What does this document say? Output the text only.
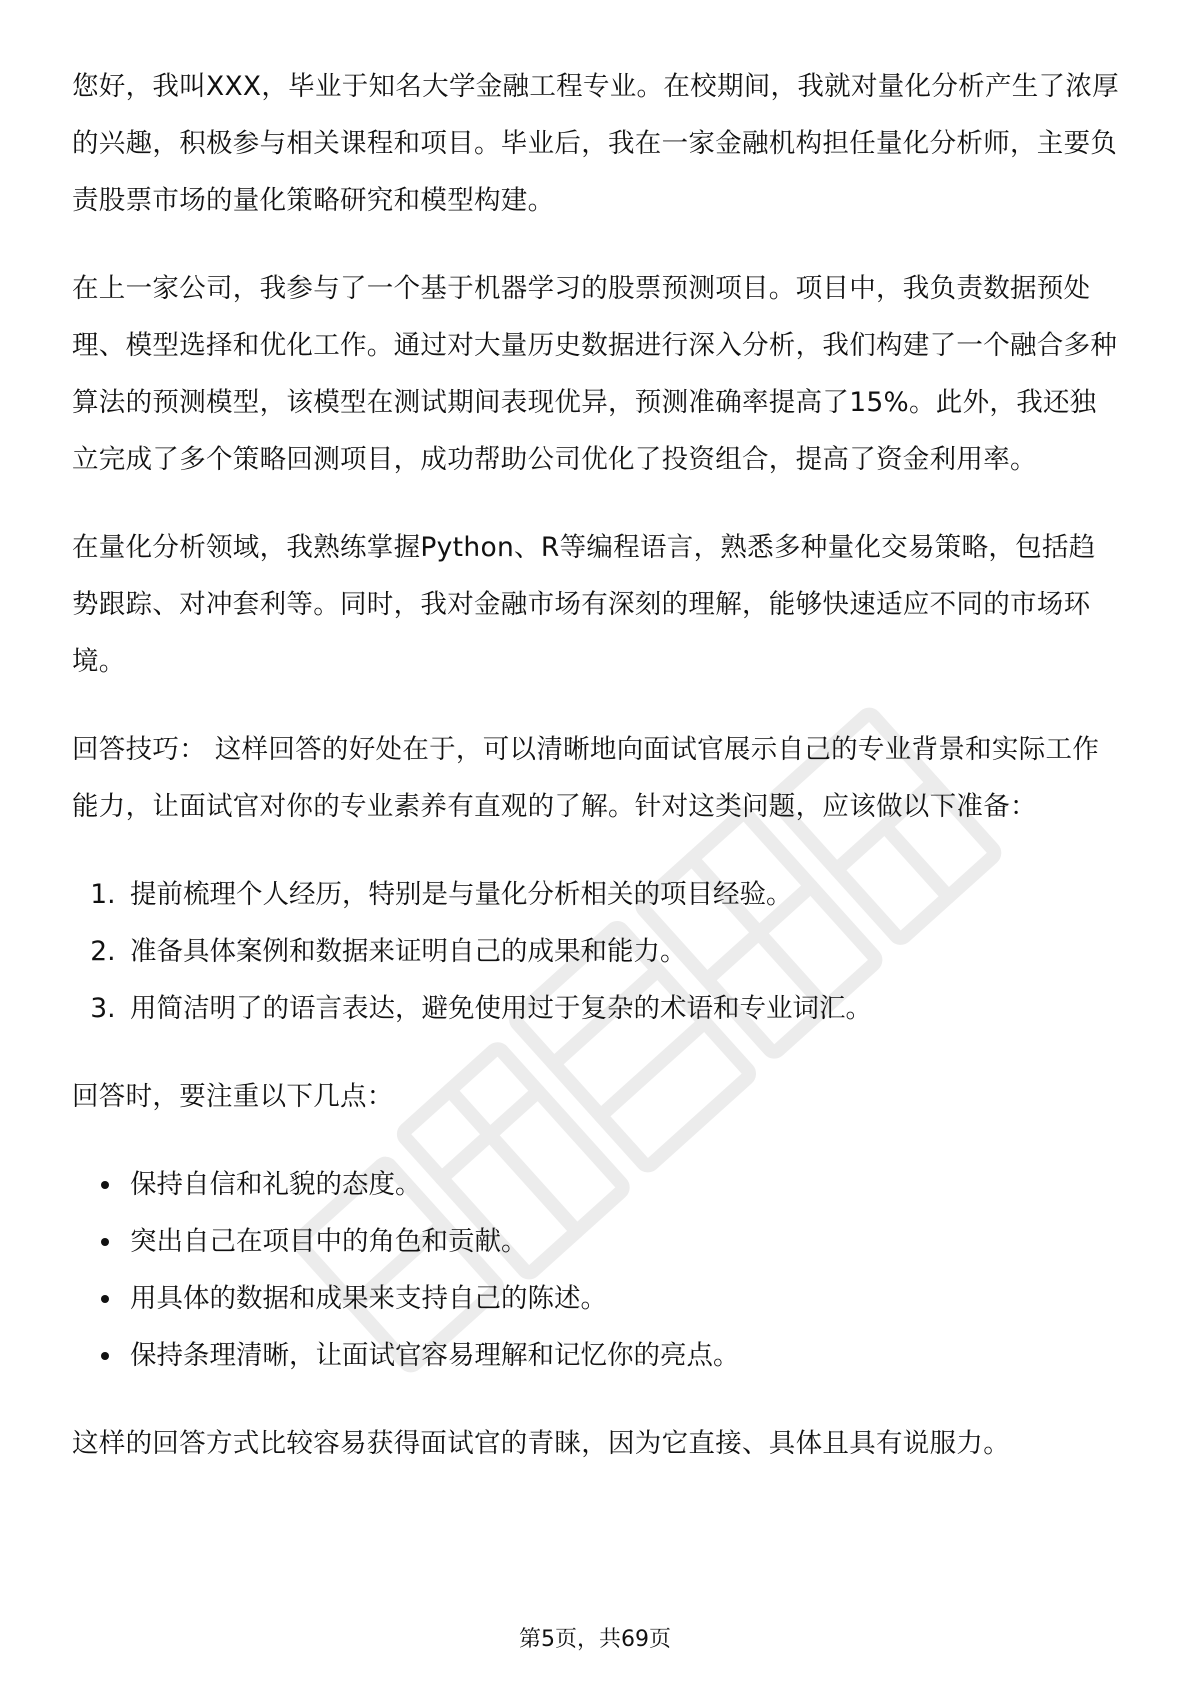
您好，我叫XXX，毕业于知名大学金融工程专业。在校期间，我就对量化分析产生了浓厚的兴趣，积极参与相关课程和项目。毕业后，我在一家金融机构担任量化分析师，主要负责股票市场的量化策略研究和模型构建。

在上一家公司，我参与了一个基于机器学习的股票预测项目。项目中，我负责数据预处理、模型选择和优化工作。通过对大量历史数据进行深入分析，我们构建了一个融合多种算法的预测模型，该模型在测试期间表现优异，预测准确率提高了15%。此外，我还独立完成了多个策略回测项目，成功帮助公司优化了投资组合，提高了资金利用率。

在量化分析领域，我熟练掌握Python、R等编程语言，熟悉多种量化交易策略，包括趋势跟踪、对冲套利等。同时，我对金融市场有深刻的理解，能够快速适应不同的市场环境。

回答技巧： 这样回答的好处在于，可以清晰地向面试官展示自己的专业背景和实际工作能力，让面试官对你的专业素养有直观的了解。针对这类问题，应该做以下准备：

1. 提前梳理个人经历，特别是与量化分析相关的项目经验。
2. 准备具体案例和数据来证明自己的成果和能力。
3. 用简洁明了的语言表达，避免使用过于复杂的术语和专业词汇。

回答时，要注重以下几点：

• 保持自信和礼貌的态度。
• 突出自己在项目中的角色和贡献。
• 用具体的数据和成果来支持自己的陈述。
• 保持条理清晰，让面试官容易理解和记忆你的亮点。

这样的回答方式比较容易获得面试官的青睐，因为它直接、具体且具有说服力。

第5页，共69页
